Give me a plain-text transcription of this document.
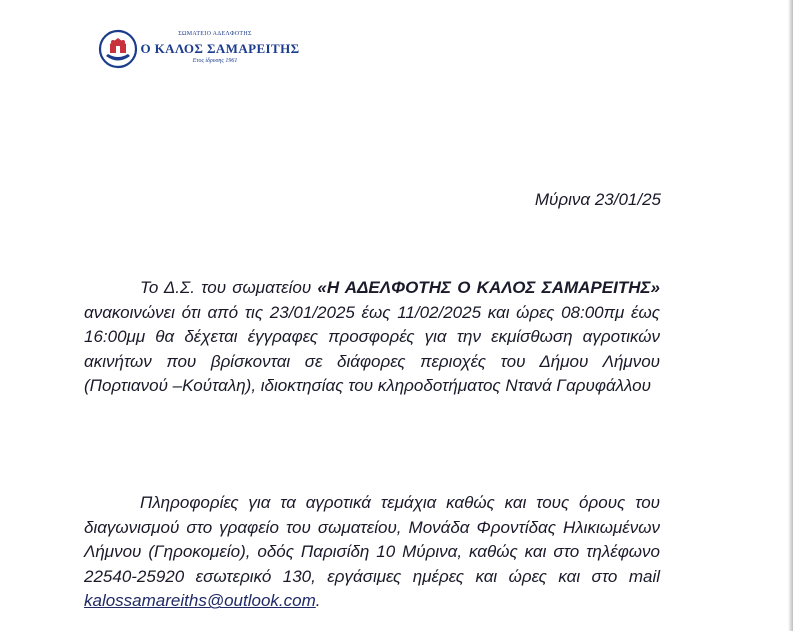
ΣΩΜΑΤΕΙΟ ΑΔΕΛΦΟΤΗΣ
Ο ΚΑΛΟΣ ΣΑΜΑΡΕΙΤΗΣ
Ετος ίδρυσης 1961
Μύρινα 23/01/25

Το Δ.Σ. του σωματείου «Η ΑΔΕΛΦΟΤΗΣ Ο ΚΑΛΟΣ ΣΑΜΑΡΕΙΤΗΣ» ανακοινώνει ότι από τις 23/01/2025 έως 11/02/2025 και ώρες 08:00πμ έως 16:00μμ θα δέχεται έγγραφες προσφορές για την εκμίσθωση αγροτικών ακινήτων που βρίσκονται σε διάφορες περιοχές του Δήμου Λήμνου (Πορτιανού –Κούταλη), ιδιοκτησίας του κληροδοτήματος Ντανά Γαρυφάλλου

Πληροφορίες για τα αγροτικά τεμάχια καθώς και τους όρους του διαγωνισμού στο γραφείο του σωματείου, Μονάδα Φροντίδας Ηλικιωμένων Λήμνου (Γηροκομείο), οδός Παρισίδη 10 Μύρινα, καθώς και στο τηλέφωνο 22540-25920 εσωτερικό 130, εργάσιμες ημέρες και ώρες και στο mail kalossamareiths@outlook.com.
